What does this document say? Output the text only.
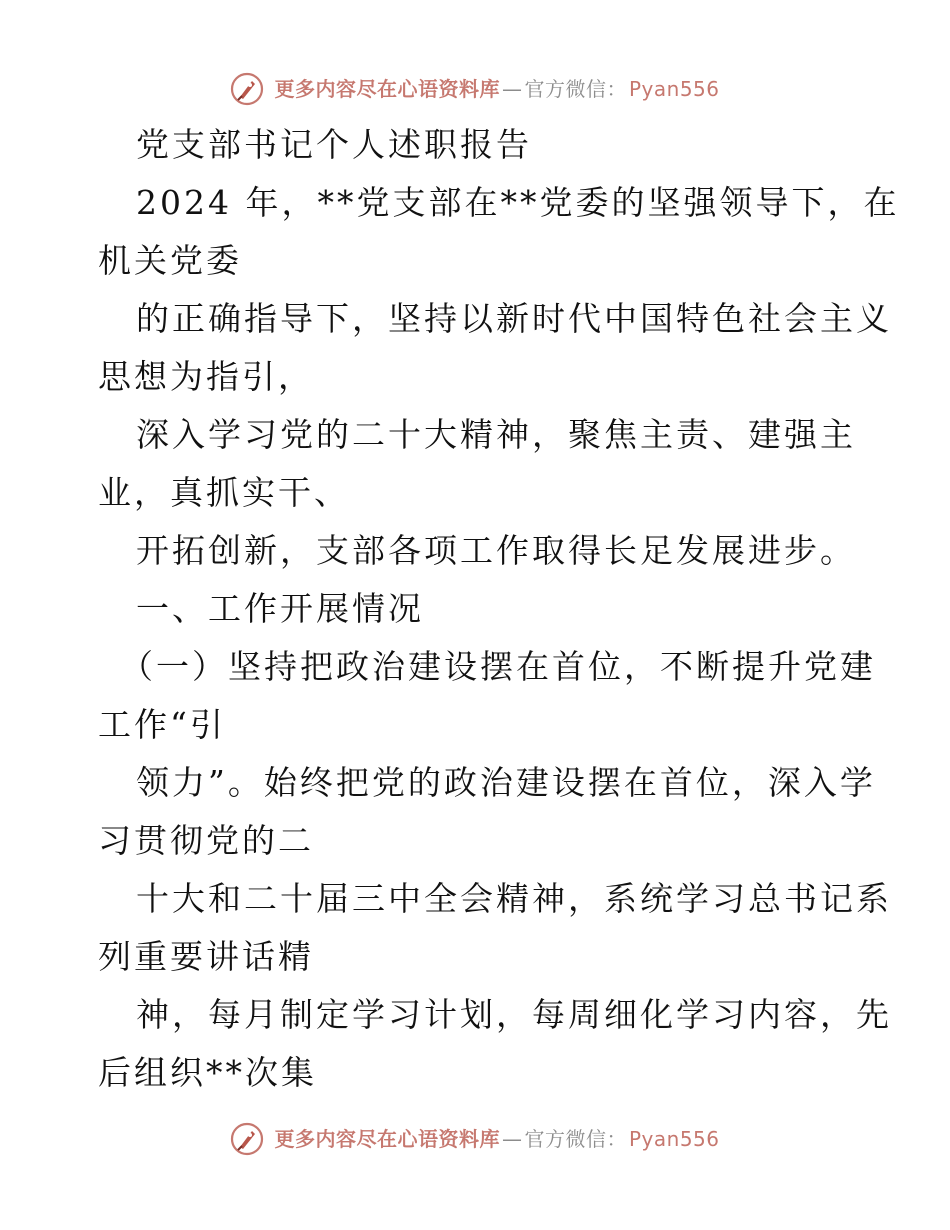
更多内容尽在心语资料库 — 官方微信： Pyan556
党支部书记个人述职报告
2024 年，**党支部在**党委的坚强领导下，在
机关党委
的正确指导下，坚持以新时代中国特色社会主义
思想为指引，
深入学习党的二十大精神，聚焦主责、建强主
业，真抓实干、
开拓创新，支部各项工作取得长足发展进步。
一、工作开展情况
（一）坚持把政治建设摆在首位，不断提升党建
工作“引
领力”。始终把党的政治建设摆在首位，深入学
习贯彻党的二
十大和二十届三中全会精神，系统学习总书记系
列重要讲话精
神，每月制定学习计划，每周细化学习内容，先
后组织**次集
更多内容尽在心语资料库 — 官方微信： Pyan556
